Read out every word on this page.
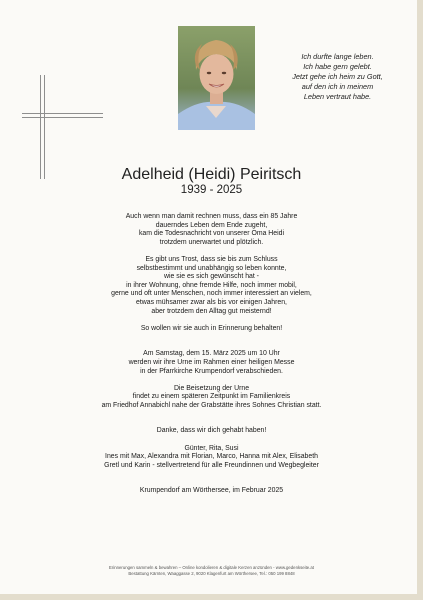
Ich durfte lange leben.
Ich habe gern gelebt.
Jetzt gehe ich heim zu Gott,
auf den ich in meinem
Leben vertraut habe.
Adelheid (Heidi) Peiritsch
1939 - 2025
Auch wenn man damit rechnen muss, dass ein 85 Jahre
dauerndes Leben dem Ende zugeht,
kam die Todesnachricht von unserer Oma Heidi
trotzdem unerwartet und plötzlich.
Es gibt uns Trost, dass sie bis zum Schluss
selbstbestimmt und unabhängig so leben konnte,
wie sie es sich gewünscht hat -
in ihrer Wohnung, ohne fremde Hilfe, noch immer mobil,
gerne und oft unter Menschen, noch immer interessiert an vielem,
etwas mühsamer zwar als bis vor einigen Jahren,
aber trotzdem den Alltag gut meisternd!
So wollen wir sie auch in Erinnerung behalten!
Am Samstag, dem 15. März 2025 um 10 Uhr
werden wir ihre Urne im Rahmen einer heiligen Messe
in der Pfarrkirche Krumpendorf verabschieden.
Die Beisetzung der Urne
findet zu einem späteren Zeitpunkt im Familienkreis
am Friedhof Annabichl nahe der Grabstätte ihres Sohnes Christian statt.
Danke, dass wir dich gehabt haben!
Günter, Rita, Susi
Ines mit Max, Alexandra mit Florian, Marco, Hanna mit Alex, Elisabeth
Gretl und Karin - stellvertretend für alle Freundinnen und Wegbegleiter
Krumpendorf am Wörthersee, im Februar 2025
Erinnerungen sammeln & bewahren – Online kondolieren & digitale Kerzen anzünden - www.gedenkseite.at
Bestattung Kärnten, Waaggasse 2, 9020 Klagenfurt am Wörthersee, Tel.: 050 199 8848
